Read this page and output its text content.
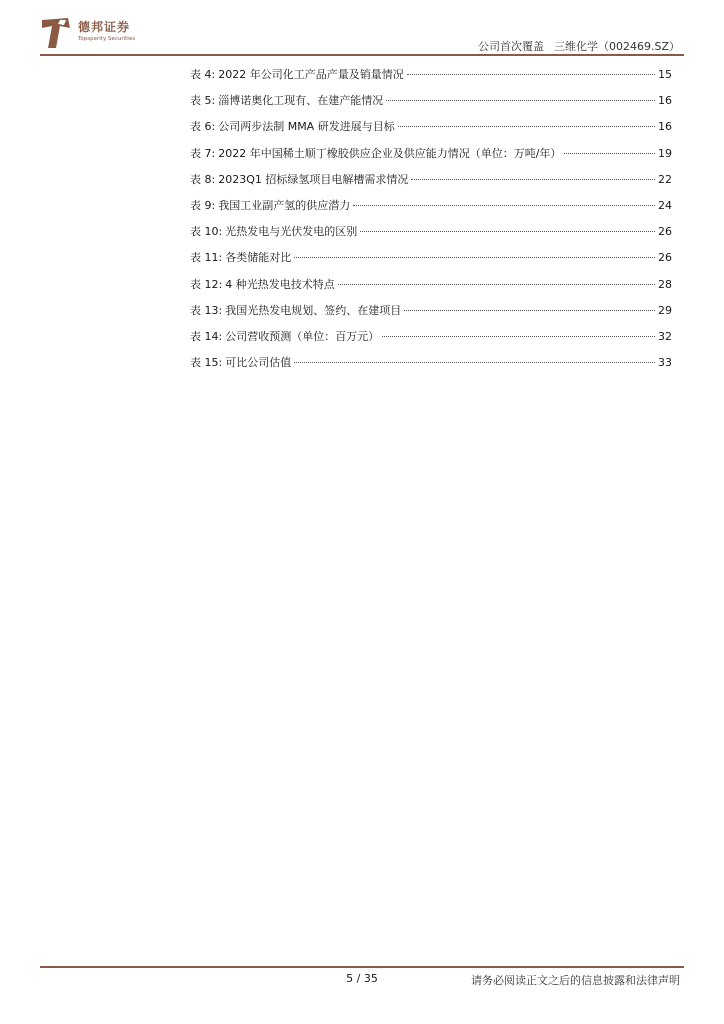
德邦证券
Topsperity Securities
公司首次覆盖 三维化学（002469.SZ）
表 4: 2022 年公司化工产品产量及销量情况	15
表 5: 淄博诺奥化工现有、在建产能情况	16
表 6: 公司两步法制 MMA 研发进展与目标	16
表 7: 2022 年中国稀土顺丁橡胶供应企业及供应能力情况（单位：万吨/年）	19
表 8: 2023Q1 招标绿氢项目电解槽需求情况	22
表 9: 我国工业副产氢的供应潜力	24
表 10: 光热发电与光伏发电的区别	26
表 11: 各类储能对比	26
表 12: 4 种光热发电技术特点	28
表 13: 我国光热发电规划、签约、在建项目	29
表 14: 公司营收预测（单位：百万元）	32
表 15: 可比公司估值	33
5 / 35	请务必阅读正文之后的信息披露和法律声明
